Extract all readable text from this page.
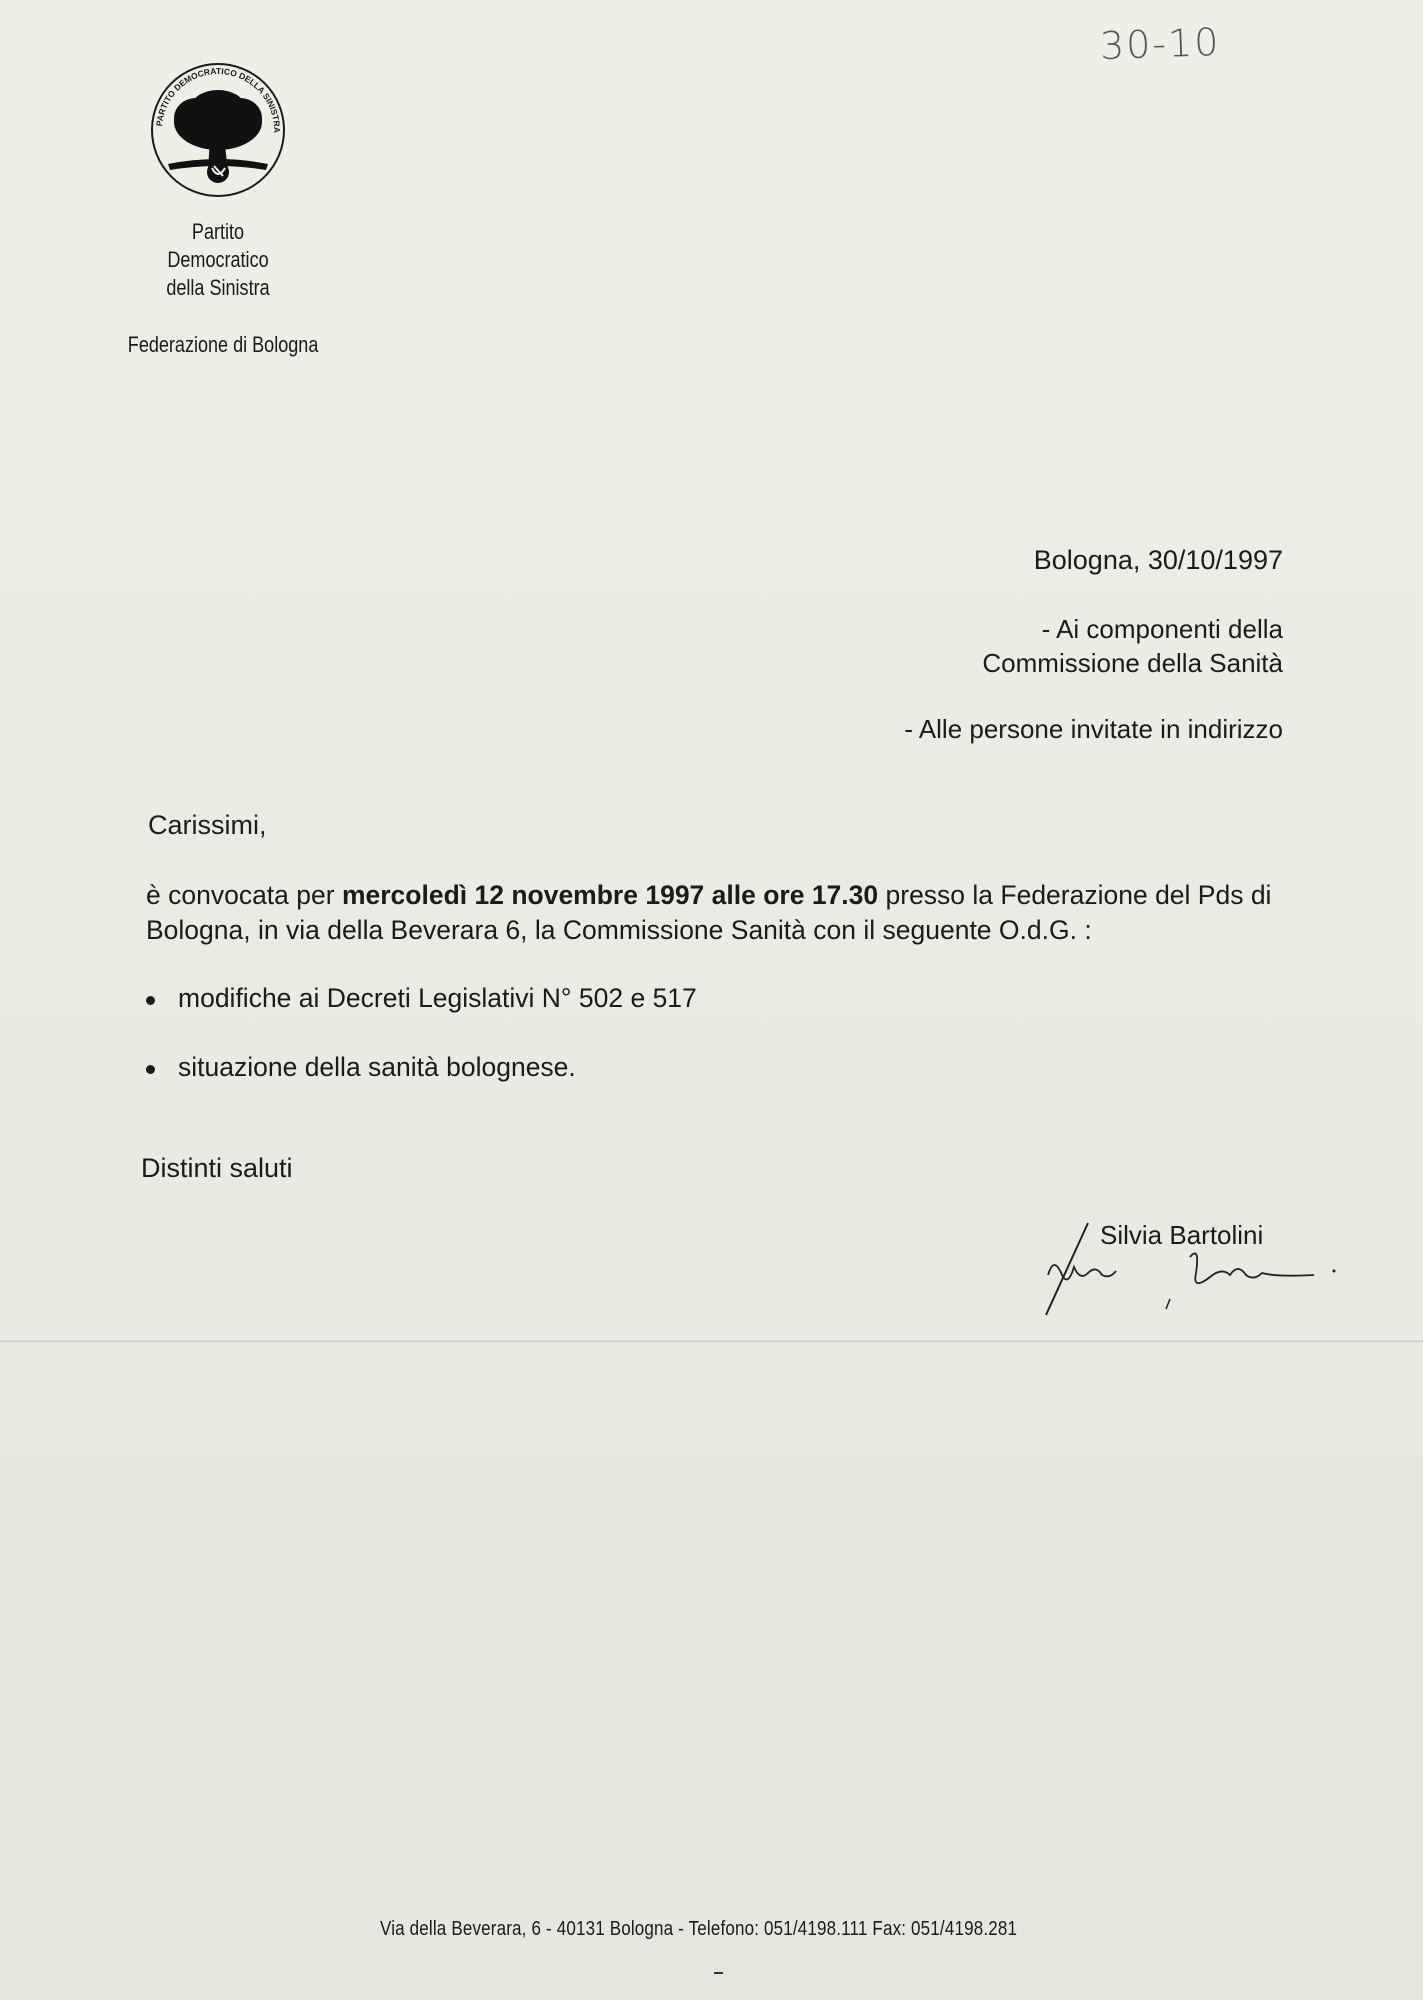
30-10
PARTITO DEMOCRATICO DELLA SINISTRA
Partito
Democratico
della Sinistra
Federazione di Bologna
Bologna, 30/10/1997
- Ai componenti della
Commissione della Sanità
- Alle persone invitate in indirizzo
Carissimi,
è convocata per mercoledì 12 novembre 1997 alle ore 17.30 presso la Federazione del Pds di Bologna, in via della Beverara 6, la Commissione Sanità con il seguente O.d.G. :
modifiche ai Decreti Legislativi N° 502 e 517
situazione della sanità bolognese.
Distinti saluti
Silvia Bartolini
Via della Beverara, 6 - 40131 Bologna - Telefono: 051/4198.111 Fax: 051/4198.281
